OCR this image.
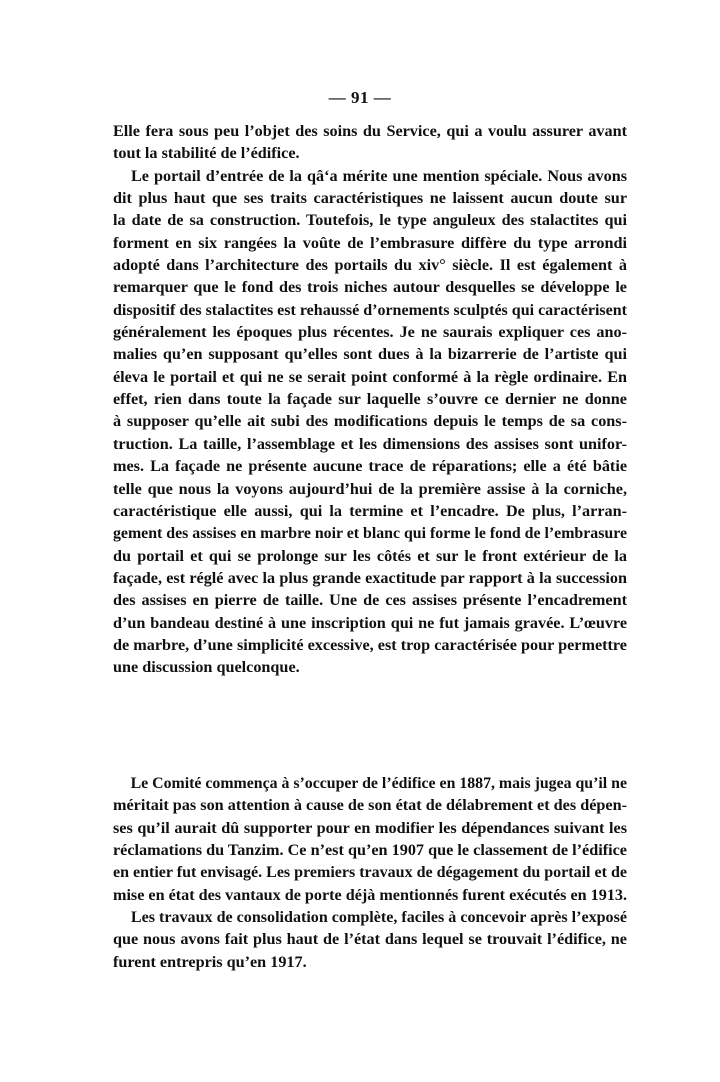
— 91 —
Elle fera sous peu l’objet des soins du Service, qui a voulu assurer avant
tout la stabilité de l’édifice.
Le portail d’entrée de la qâ‘a mérite une mention spéciale. Nous avons
dit plus haut que ses traits caractéristiques ne laissent aucun doute sur
la date de sa construction. Toutefois, le type anguleux des stalactites qui
forment en six rangées la voûte de l’embrasure diffère du type arrondi
adopté dans l’architecture des portails du xiv° siècle. Il est également à
remarquer que le fond des trois niches autour desquelles se développe le
dispositif des stalactites est rehaussé d’ornements sculptés qui caractérisent
généralement les époques plus récentes. Je ne saurais expliquer ces ano-
malies qu’en supposant qu’elles sont dues à la bizarrerie de l’artiste qui
éleva le portail et qui ne se serait point conformé à la règle ordinaire. En
effet, rien dans toute la façade sur laquelle s’ouvre ce dernier ne donne
à supposer qu’elle ait subi des modifications depuis le temps de sa cons-
truction. La taille, l’assemblage et les dimensions des assises sont unifor-
mes. La façade ne présente aucune trace de réparations; elle a été bâtie
telle que nous la voyons aujourd’hui de la première assise à la corniche,
caractéristique elle aussi, qui la termine et l’encadre. De plus, l’arran-
gement des assises en marbre noir et blanc qui forme le fond de l’embrasure
du portail et qui se prolonge sur les côtés et sur le front extérieur de la
façade, est réglé avec la plus grande exactitude par rapport à la succession
des assises en pierre de taille. Une de ces assises présente l’encadrement
d’un bandeau destiné à une inscription qui ne fut jamais gravée. L’œuvre
de marbre, d’une simplicité excessive, est trop caractérisée pour permettre
une discussion quelconque.
Le Comité commença à s’occuper de l’édifice en 1887, mais jugea qu’il ne
méritait pas son attention à cause de son état de délabrement et des dépen-
ses qu’il aurait dû supporter pour en modifier les dépendances suivant les
réclamations du Tanzim. Ce n’est qu’en 1907 que le classement de l’édifice
en entier fut envisagé. Les premiers travaux de dégagement du portail et de
mise en état des vantaux de porte déjà mentionnés furent exécutés en 1913.
Les travaux de consolidation complète, faciles à concevoir après l’exposé
que nous avons fait plus haut de l’état dans lequel se trouvait l’édifice, ne
furent entrepris qu’en 1917.
